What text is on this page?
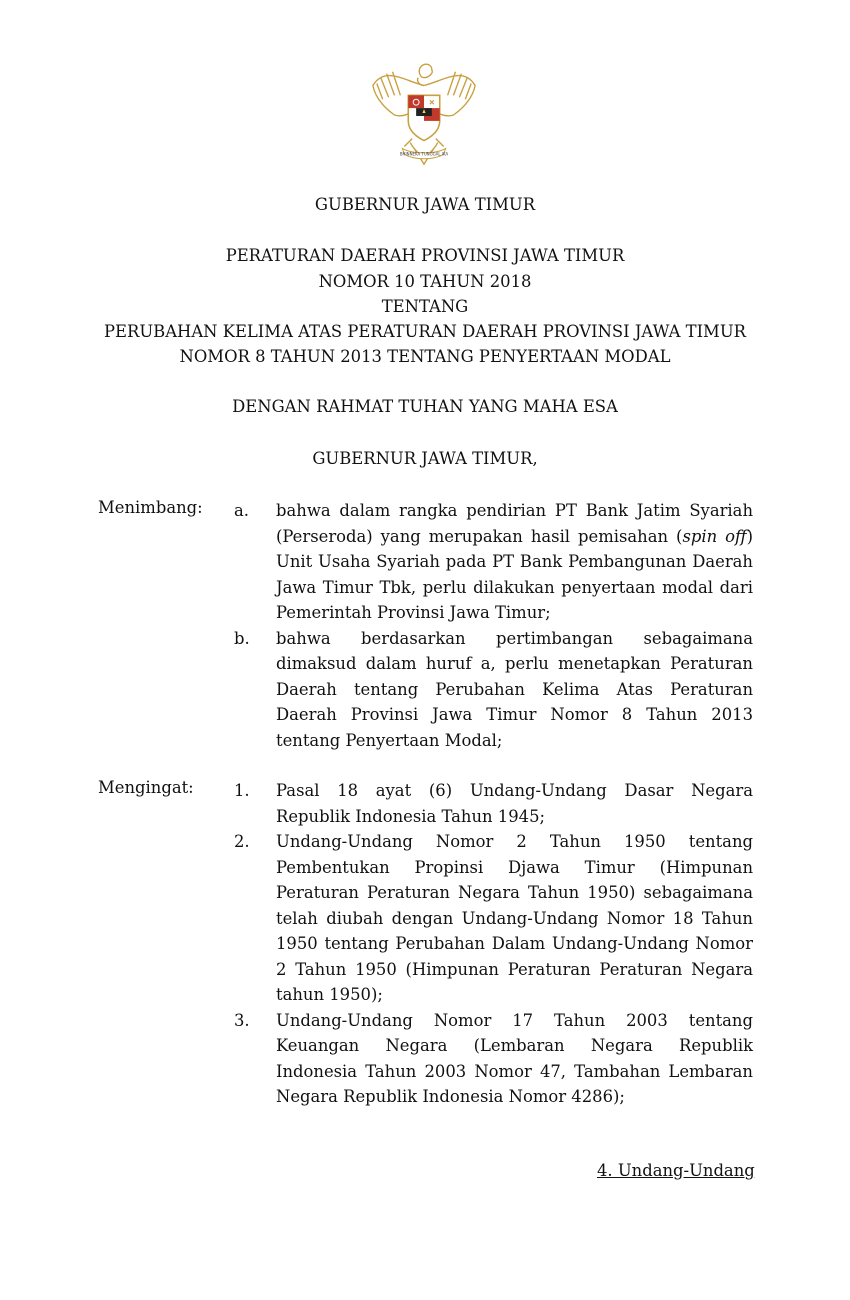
BHINNEKA TUNGGAL IKA
GUBERNUR JAWA TIMUR
PERATURAN DAERAH PROVINSI JAWA TIMUR
NOMOR 10 TAHUN 2018
TENTANG
PERUBAHAN KELIMA ATAS PERATURAN DAERAH PROVINSI JAWA TIMUR
NOMOR 8 TAHUN 2013 TENTANG PENYERTAAN MODAL
DENGAN RAHMAT TUHAN YANG MAHA ESA
GUBERNUR JAWA TIMUR,
Menimbang: a. bahwa dalam rangka pendirian PT Bank Jatim Syariah (Perseroda) yang merupakan hasil pemisahan (spin off) Unit Usaha Syariah pada PT Bank Pembangunan Daerah Jawa Timur Tbk, perlu dilakukan penyertaan modal dari Pemerintah Provinsi Jawa Timur;
b. bahwa berdasarkan pertimbangan sebagaimana dimaksud dalam huruf a, perlu menetapkan Peraturan Daerah tentang Perubahan Kelima Atas Peraturan Daerah Provinsi Jawa Timur Nomor 8 Tahun 2013 tentang Penyertaan Modal;
Mengingat: 1. Pasal 18 ayat (6) Undang-Undang Dasar Negara Republik Indonesia Tahun 1945;
2. Undang-Undang Nomor 2 Tahun 1950 tentang Pembentukan Propinsi Djawa Timur (Himpunan Peraturan Peraturan Negara Tahun 1950) sebagaimana telah diubah dengan Undang-Undang Nomor 18 Tahun 1950 tentang Perubahan Dalam Undang-Undang Nomor 2 Tahun 1950 (Himpunan Peraturan Peraturan Negara tahun 1950);
3. Undang-Undang Nomor 17 Tahun 2003 tentang Keuangan Negara (Lembaran Negara Republik Indonesia Tahun 2003 Nomor 47, Tambahan Lembaran Negara Republik Indonesia Nomor 4286);
4. Undang-Undang
